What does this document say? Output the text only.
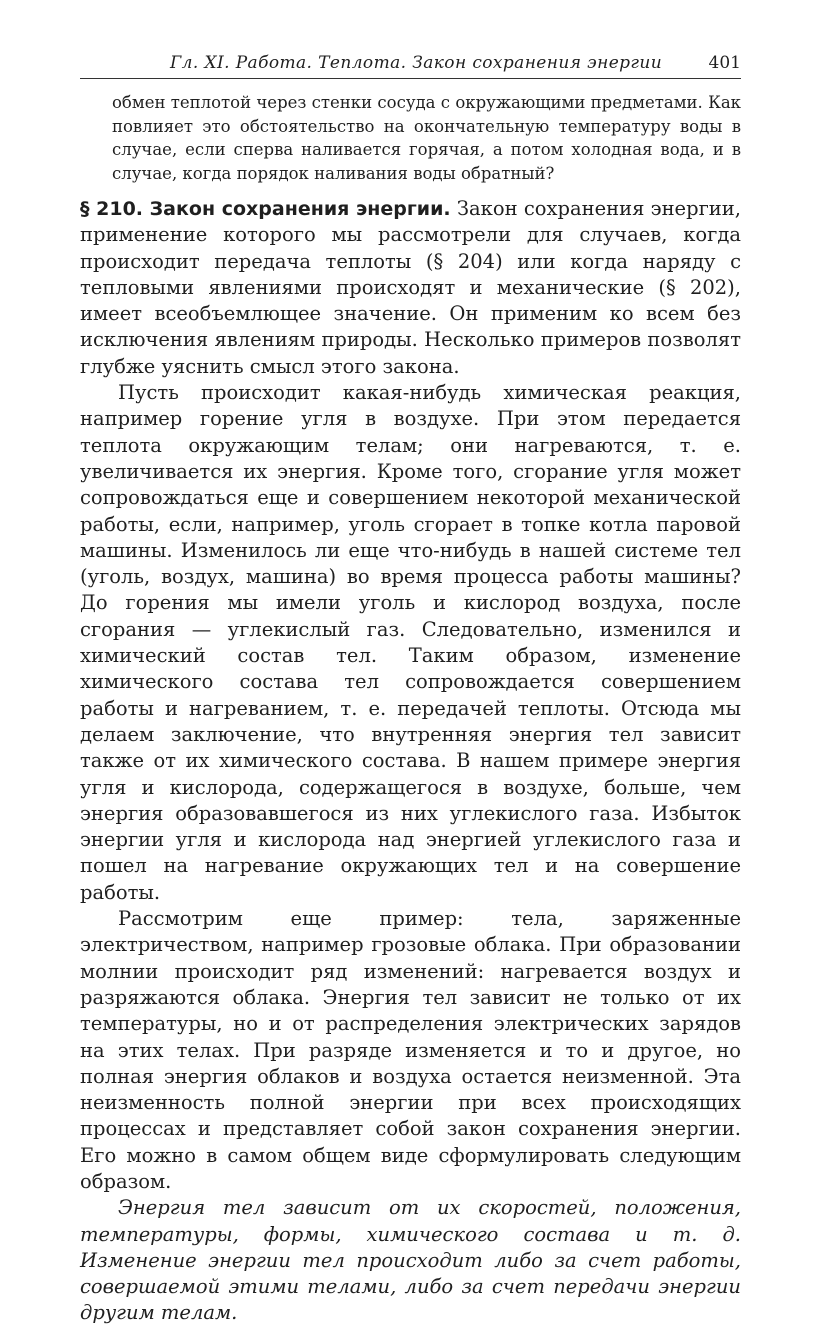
Гл. XI. Работа. Теплота. Закон сохранения энергии	401
обмен теплотой через стенки сосуда с окружающими предметами. Как повлияет это обстоятельство на окончательную температуру воды в случае, если сперва наливается горячая, а потом холодная вода, и в случае, когда порядок наливания воды обратный?

§ 210. Закон сохранения энергии. Закон сохранения энергии, применение которого мы рассмотрели для случаев, когда происходит передача теплоты (§ 204) или когда наряду с тепловыми явлениями происходят и механические (§ 202), имеет всеобъемлющее значение. Он применим ко всем без исключения явлениям природы. Несколько примеров позволят глубже уяснить смысл этого закона.

Пусть происходит какая-нибудь химическая реакция, например горение угля в воздухе. При этом передается теплота окружающим телам; они нагреваются, т. е. увеличивается их энергия. Кроме того, сгорание угля может сопровождаться еще и совершением некоторой механической работы, если, например, уголь сгорает в топке котла паровой машины. Изменилось ли еще что-нибудь в нашей системе тел (уголь, воздух, машина) во время процесса работы машины? До горения мы имели уголь и кислород воздуха, после сгорания — углекислый газ. Следовательно, изменился и химический состав тел. Таким образом, изменение химического состава тел сопровождается совершением работы и нагреванием, т. е. передачей теплоты. Отсюда мы делаем заключение, что внутренняя энергия тел зависит также от их химического состава. В нашем примере энергия угля и кислорода, содержащегося в воздухе, больше, чем энергия образовавшегося из них углекислого газа. Избыток энергии угля и кислорода над энергией углекислого газа и пошел на нагревание окружающих тел и на совершение работы.

Рассмотрим еще пример: тела, заряженные электричеством, например грозовые облака. При образовании молнии происходит ряд изменений: нагревается воздух и разряжаются облака. Энергия тел зависит не только от их температуры, но и от распределения электрических зарядов на этих телах. При разряде изменяется и то и другое, но полная энергия облаков и воздуха остается неизменной. Эта неизменность полной энергии при всех происходящих процессах и представляет собой закон сохранения энергии. Его можно в самом общем виде сформулировать следующим образом.

Энергия тел зависит от их скоростей, положения, температуры, формы, химического состава и т. д. Изменение энергии тел происходит либо за счет работы, совершаемой этими телами, либо за счет передачи энергии другим телам.
